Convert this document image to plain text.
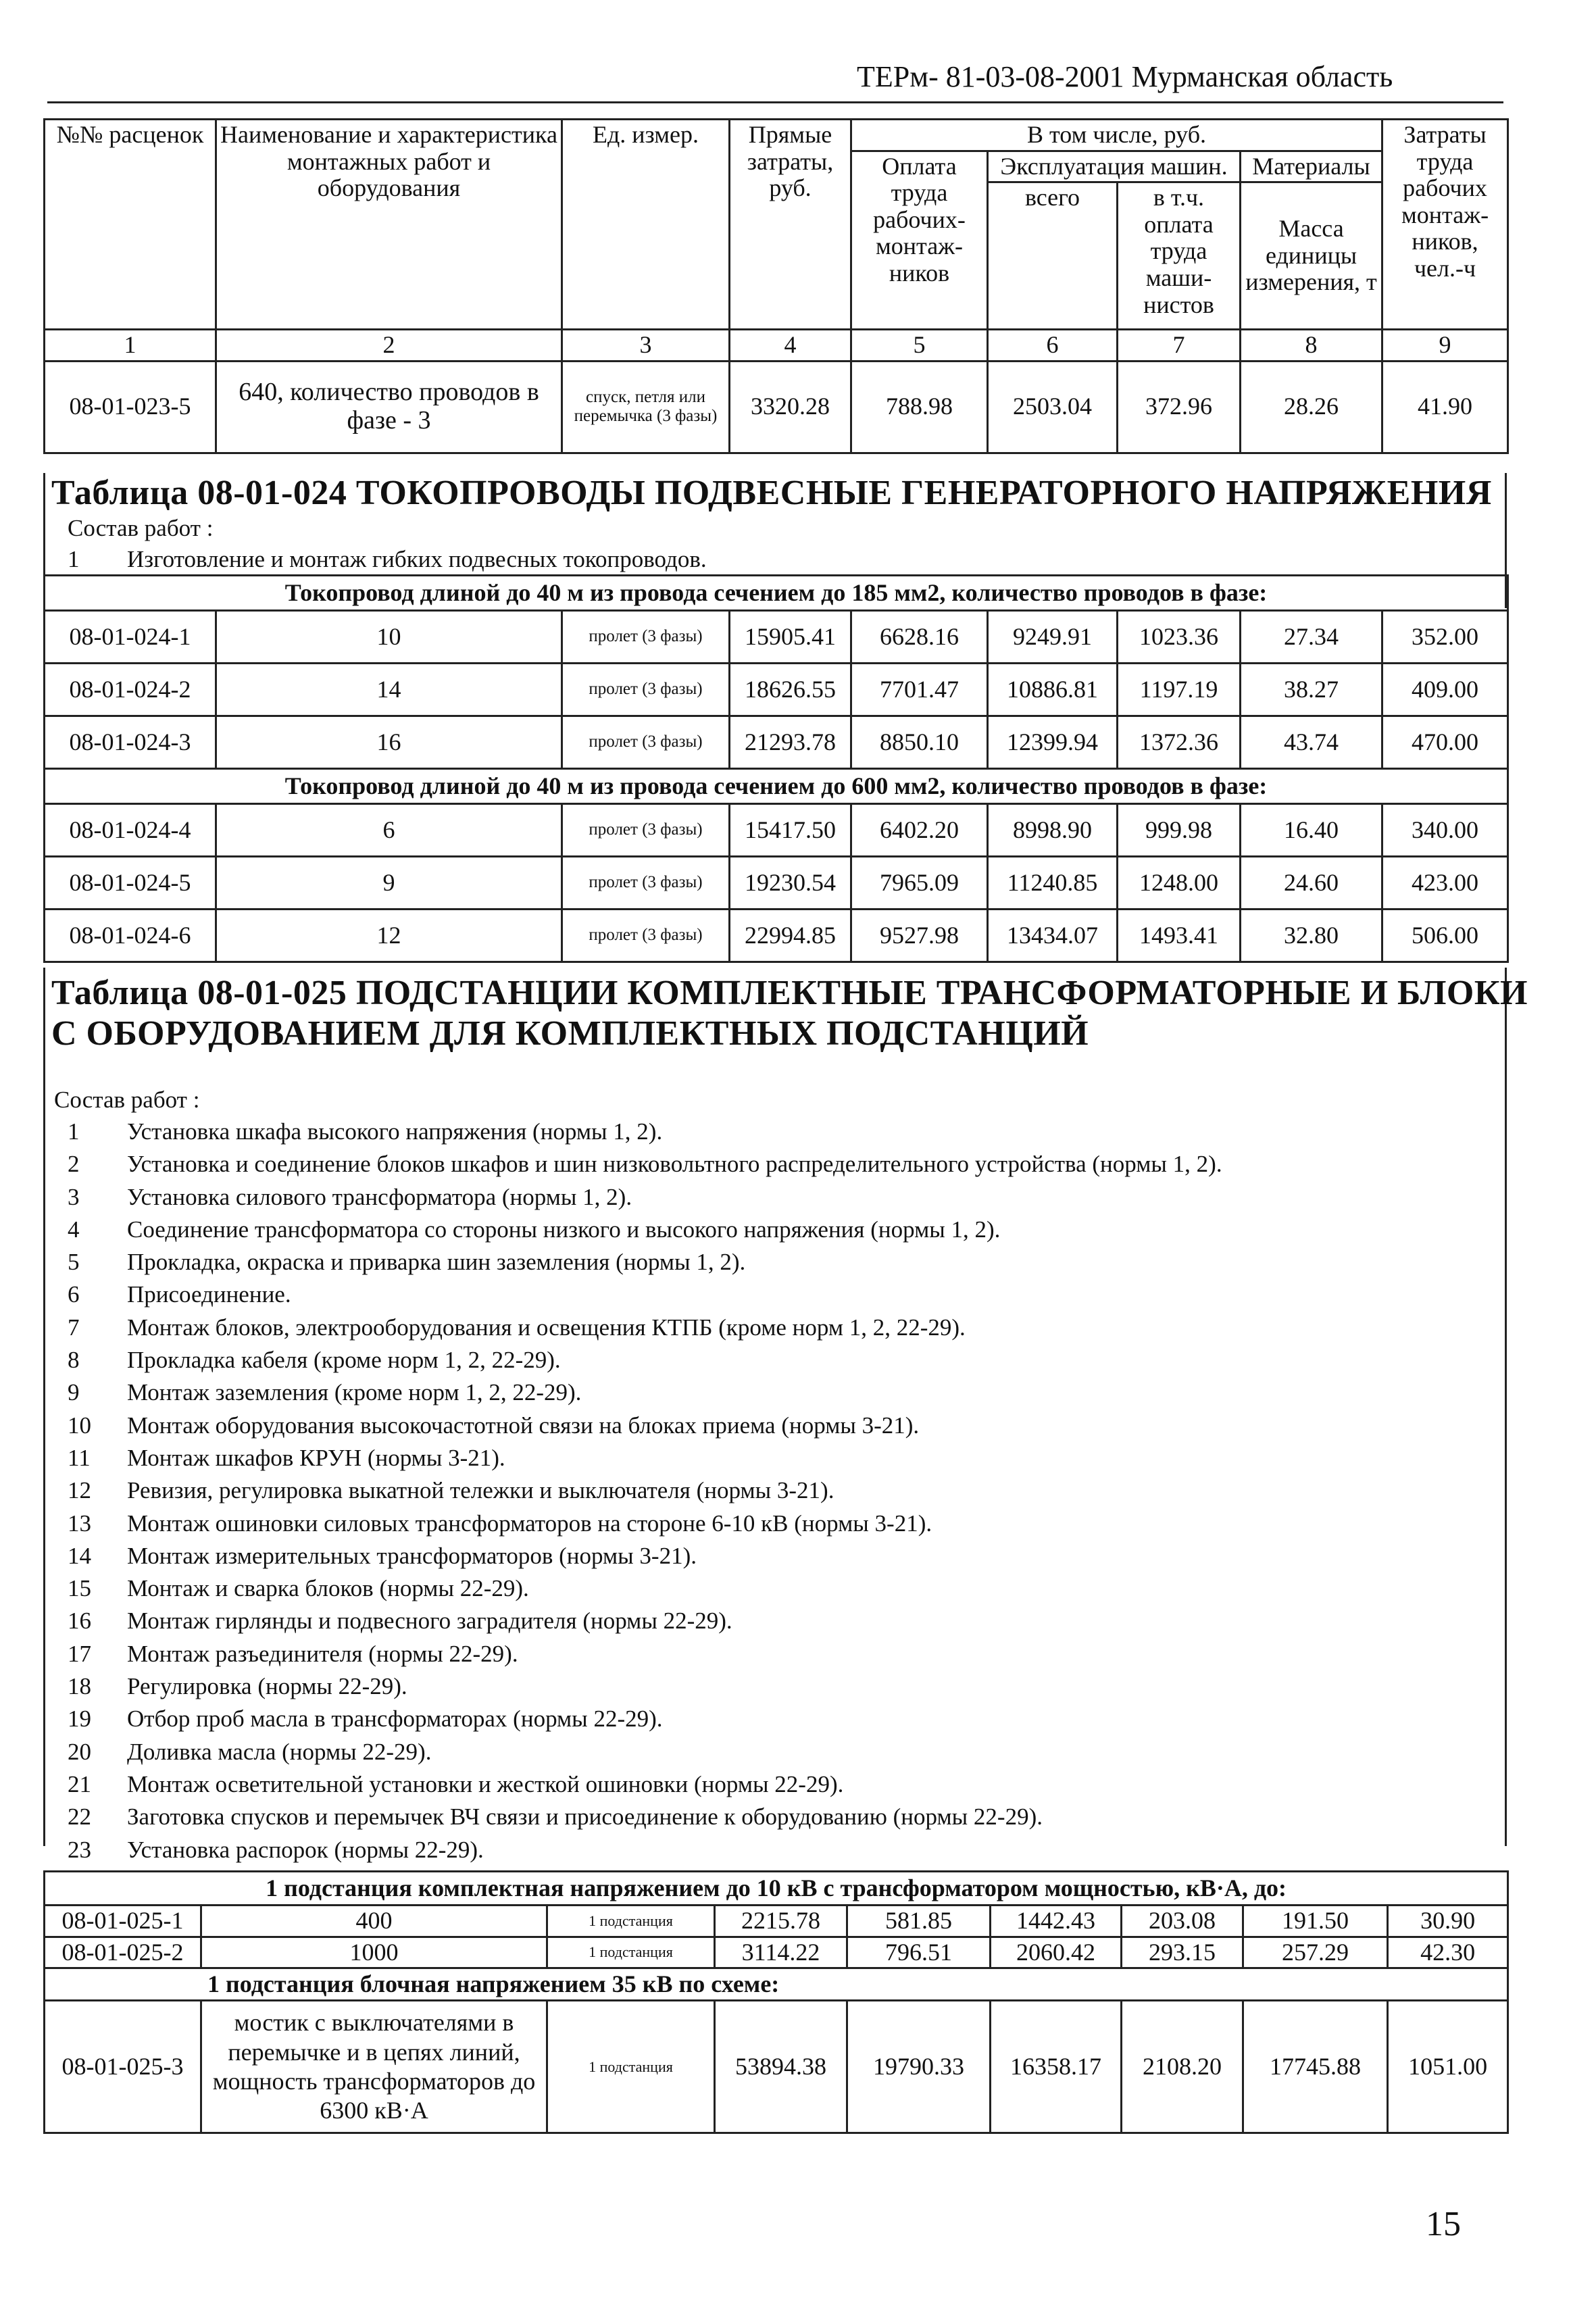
ТЕРм- 81-03-08-2001 Мурманская область
№№ расценок	Наименование и характеристика монтажных работ и оборудования	Ед. измер.	Прямые затраты, руб.	В том числе, руб.				Затраты труда рабочих монтаж-ников, чел.-ч
				Оплата труда рабочих-монтаж-ников	Эксплуатация машин.		Материалы	
					всего	в т.ч. оплата труда маши-нистов	Масса единицы измерения, т	
1	2	3	4	5	6	7	8	9
08-01-023-5	640, количество проводов в фазе - 3	спуск, петля или перемычка (3 фазы)	3320.28	788.98	2503.04	372.96	28.26	41.90
Таблица 08-01-024 ТОКОПРОВОДЫ ПОДВЕСНЫЕ ГЕНЕРАТОРНОГО НАПРЯЖЕНИЯ
Состав работ :
1 Изготовление и монтаж гибких подвесных токопроводов.
Токопровод длиной до 40 м из провода сечением до 185 мм2, количество проводов в фазе:								
08-01-024-1	10	пролет (3 фазы)	15905.41	6628.16	9249.91	1023.36	27.34	352.00
08-01-024-2	14	пролет (3 фазы)	18626.55	7701.47	10886.81	1197.19	38.27	409.00
08-01-024-3	16	пролет (3 фазы)	21293.78	8850.10	12399.94	1372.36	43.74	470.00
Токопровод длиной до 40 м из провода сечением до 600 мм2, количество проводов в фазе:								
08-01-024-4	6	пролет (3 фазы)	15417.50	6402.20	8998.90	999.98	16.40	340.00
08-01-024-5	9	пролет (3 фазы)	19230.54	7965.09	11240.85	1248.00	24.60	423.00
08-01-024-6	12	пролет (3 фазы)	22994.85	9527.98	13434.07	1493.41	32.80	506.00
Таблица 08-01-025 ПОДСТАНЦИИ КОМПЛЕКТНЫЕ ТРАНСФОРМАТОРНЫЕ И БЛОКИ
С ОБОРУДОВАНИЕМ ДЛЯ КОМПЛЕКТНЫХ ПОДСТАНЦИЙ
Состав работ :
1 Установка шкафа высокого напряжения (нормы 1, 2).
2 Установка и соединение блоков шкафов и шин низковольтного распределительного устройства (нормы 1, 2).
3 Установка силового трансформатора (нормы 1, 2).
4 Соединение трансформатора со стороны низкого и высокого напряжения (нормы 1, 2).
5 Прокладка, окраска и приварка шин заземления (нормы 1, 2).
6 Присоединение.
7 Монтаж блоков, электрооборудования и освещения КТПБ (кроме норм 1, 2, 22-29).
8 Прокладка кабеля (кроме норм 1, 2, 22-29).
9 Монтаж заземления (кроме норм 1, 2, 22-29).
10 Монтаж оборудования высокочастотной связи на блоках приема (нормы 3-21).
11 Монтаж шкафов КРУН (нормы 3-21).
12 Ревизия, регулировка выкатной тележки и выключателя (нормы 3-21).
13 Монтаж ошиновки силовых трансформаторов на стороне 6-10 кВ (нормы 3-21).
14 Монтаж измерительных трансформаторов (нормы 3-21).
15 Монтаж и сварка блоков (нормы 22-29).
16 Монтаж гирлянды и подвесного заградителя (нормы 22-29).
17 Монтаж разъединителя (нормы 22-29).
18 Регулировка (нормы 22-29).
19 Отбор проб масла в трансформаторах (нормы 22-29).
20 Доливка масла (нормы 22-29).
21 Монтаж осветительной установки и жесткой ошиновки (нормы 22-29).
22 Заготовка спусков и перемычек ВЧ связи и присоединение к оборудованию (нормы 22-29).
23 Установка распорок (нормы 22-29).
1 подстанция комплектная напряжением до 10 кВ с трансформатором мощностью, кВ·А, до:								
08-01-025-1	400	1 подстанция	2215.78	581.85	1442.43	203.08	191.50	30.90
08-01-025-2	1000	1 подстанция	3114.22	796.51	2060.42	293.15	257.29	42.30
1 подстанция блочная напряжением 35 кВ по схеме:								
08-01-025-3	мостик с выключателями в перемычке и в цепях линий, мощность трансформаторов до 6300 кВ·А	1 подстанция	53894.38	19790.33	16358.17	2108.20	17745.88	1051.00
15
